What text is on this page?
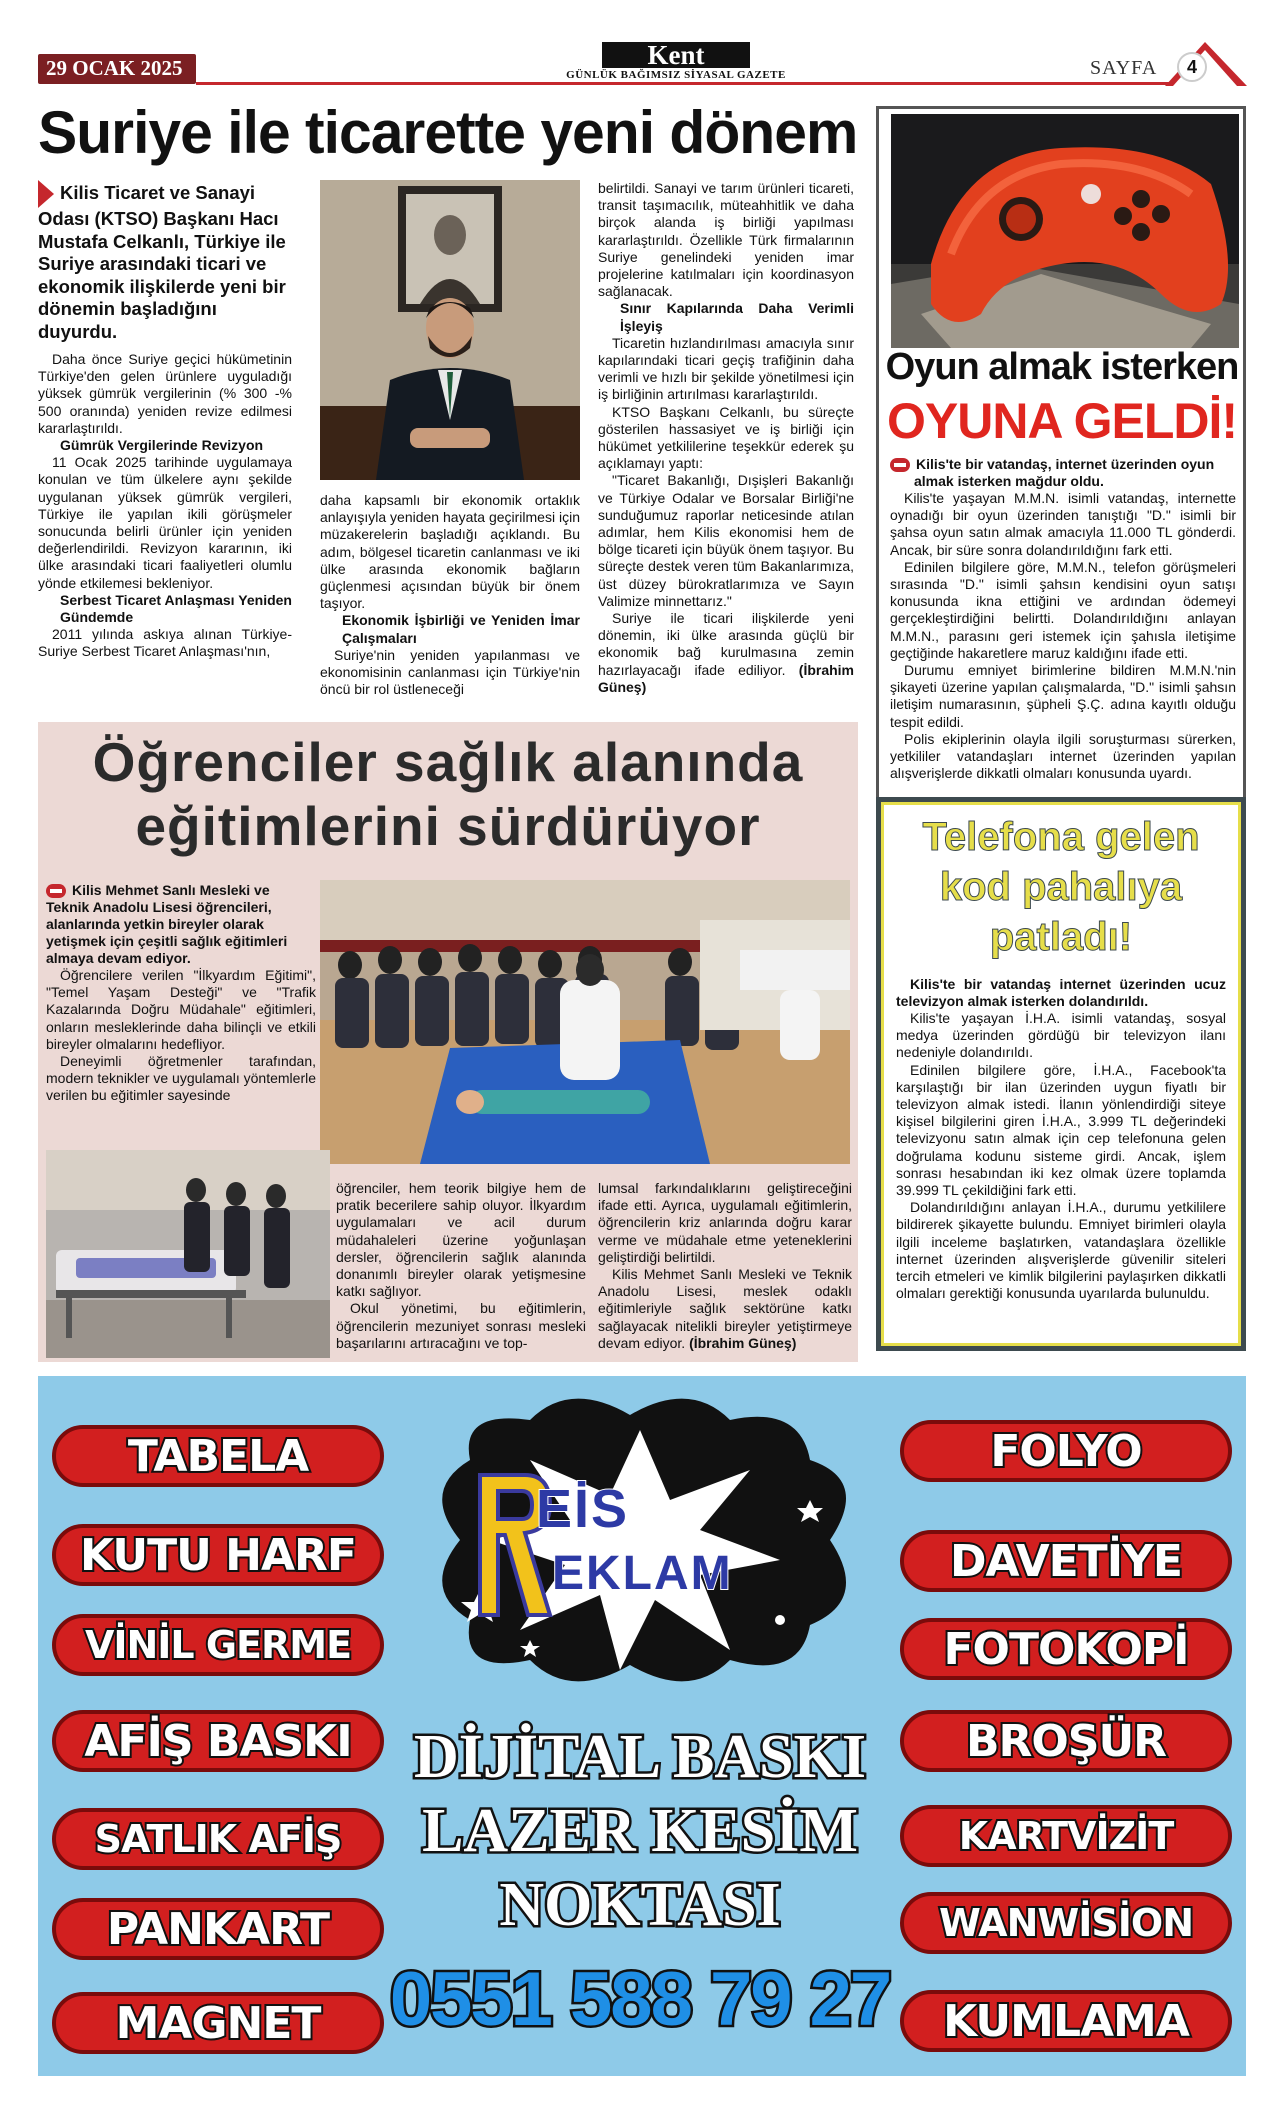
29 OCAK 2025	Kent
GÜNLÜK BAĞIMSIZ SİYASAL GAZETE	SAYFA	4
Suriye ile ticarette yeni dönem
Kilis Ticaret ve Sanayi Odası (KTSO) Başkanı Hacı Mustafa Celkanlı, Türkiye ile Suriye arasındaki ticari ve ekonomik ilişkilerde yeni bir dönemin başladığını duyurdu.

Daha önce Suriye geçici hükümetinin Türkiye'den gelen ürünlere uyguladığı yüksek gümrük vergilerinin (% 300 -% 500 oranında) yeniden revize edilmesi kararlaştırıldı.

Gümrük Vergilerinde Revizyon

11 Ocak 2025 tarihinde uygulamaya konulan ve tüm ülkelere aynı şekilde uygulanan yüksek gümrük vergileri, Türkiye ile yapılan ikili görüşmeler sonucunda belirli ürünler için yeniden değerlendirildi. Revizyon kararının, iki ülke arasındaki ticari faaliyetleri olumlu yönde etkilemesi bekleniyor.

Serbest Ticaret Anlaşması Yeniden Gündemde

2011 yılında askıya alınan Türkiye-Suriye Serbest Ticaret Anlaşması'nın,

daha kapsamlı bir ekonomik ortaklık anlayışıyla yeniden hayata geçirilmesi için müzakerelerin başladığı açıklandı. Bu adım, bölgesel ticaretin canlanması ve iki ülke arasında ekonomik bağların güçlenmesi açısından büyük bir önem taşıyor.

Ekonomik İşbirliği ve Yeniden İmar Çalışmaları

Suriye'nin yeniden yapılanması ve ekonomisinin canlanması için Türkiye'nin öncü bir rol üstleneceği

belirtildi. Sanayi ve tarım ürünleri ticareti, transit taşımacılık, müteahhitlik ve daha birçok alanda iş birliği yapılması kararlaştırıldı. Özellikle Türk firmalarının Suriye genelindeki yeniden imar projelerine katılmaları için koordinasyon sağlanacak.

Sınır Kapılarında Daha Verimli İşleyiş

Ticaretin hızlandırılması amacıyla sınır kapılarındaki ticari geçiş trafiğinin daha verimli ve hızlı bir şekilde yönetilmesi için iş birliğinin artırılması kararlaştırıldı.

KTSO Başkanı Celkanlı, bu süreçte gösterilen hassasiyet ve iş birliği için hükümet yetkililerine teşekkür ederek şu açıklamayı yaptı:

"Ticaret Bakanlığı, Dışişleri Bakanlığı ve Türkiye Odalar ve Borsalar Birliği'ne sunduğumuz raporlar neticesinde atılan adımlar, hem Kilis ekonomisi hem de bölge ticareti için büyük önem taşıyor. Bu süreçte destek veren tüm Bakanlarımıza, üst düzey bürokratlarımıza ve Sayın Valimize minnettarız."

Suriye ile ticari ilişkilerde yeni dönemin, iki ülke arasında güçlü bir ekonomik bağ kurulmasına zemin hazırlayacağı ifade ediliyor. (İbrahim Güneş)

Oyun almak isterken
OYUNA GELDİ!
Kilis'te bir vatandaş, internet üzerinden oyun almak isterken mağdur oldu.

Kilis'te yaşayan M.M.N. isimli vatandaş, internette oynadığı bir oyun üzerinden tanıştığı "D." isimli bir şahsa oyun satın almak amacıyla 11.000 TL gönderdi. Ancak, bir süre sonra dolandırıldığını fark etti.

Edinilen bilgilere göre, M.M.N., telefon görüşmeleri sırasında "D." isimli şahsın kendisini oyun satışı konusunda ikna ettiğini ve ardından ödemeyi gerçekleştirdiğini belirtti. Dolandırıldığını anlayan M.M.N., parasını geri istemek için şahısla iletişime geçtiğinde hakaretlere maruz kaldığını ifade etti.

Durumu emniyet birimlerine bildiren M.M.N.'nin şikayeti üzerine yapılan çalışmalarda, "D." isimli şahsın iletişim numarasının, şüpheli Ş.Ç. adına kayıtlı olduğu tespit edildi.

Polis ekiplerinin olayla ilgili soruşturması sürerken, yetkililer vatandaşları internet üzerinden yapılan alışverişlerde dikkatli olmaları konusunda uyardı.

Telefona gelen
kod pahalıya
patladı!
Kilis'te bir vatandaş internet üzerinden ucuz televizyon almak isterken dolandırıldı.

Kilis'te yaşayan İ.H.A. isimli vatandaş, sosyal medya üzerinden gördüğü bir televizyon ilanı nedeniyle dolandırıldı.

Edinilen bilgilere göre, İ.H.A., Facebook'ta karşılaştığı bir ilan üzerinden uygun fiyatlı bir televizyon almak istedi. İlanın yönlendirdiği siteye kişisel bilgilerini giren İ.H.A., 3.999 TL değerindeki televizyonu satın almak için cep telefonuna gelen doğrulama kodunu sisteme girdi. Ancak, işlem sonrası hesabından iki kez olmak üzere toplamda 39.999 TL çekildiğini fark etti.

Dolandırıldığını anlayan İ.H.A., durumu yetkililere bildirerek şikayette bulundu. Emniyet birimleri olayla ilgili inceleme başlatırken, vatandaşlara özellikle internet üzerinden alışverişlerde güvenilir siteleri tercih etmeleri ve kimlik bilgilerini paylaşırken dikkatli olmaları gerektiği konusunda uyarılarda bulunuldu.

Öğrenciler sağlık alanında
eğitimlerini sürdürüyor
Kilis Mehmet Sanlı Mesleki ve Teknik Anadolu Lisesi öğrencileri, alanlarında yetkin bireyler olarak yetişmek için çeşitli sağlık eğitimleri almaya devam ediyor.

Öğrencilere verilen "İlkyardım Eğitimi", "Temel Yaşam Desteği" ve "Trafik Kazalarında Doğru Müdahale" eğitimleri, onların mesleklerinde daha bilinçli ve etkili bireyler olmalarını hedefliyor.

Deneyimli öğretmenler tarafından, modern teknikler ve uygulamalı yöntemlerle verilen bu eğitimler sayesinde

öğrenciler, hem teorik bilgiye hem de pratik becerilere sahip oluyor. İlkyardım uygulamaları ve acil durum müdahaleleri üzerine yoğunlaşan dersler, öğrencilerin sağlık alanında donanımlı bireyler olarak yetişmesine katkı sağlıyor.

Okul yönetimi, bu eğitimlerin, öğrencilerin mezuniyet sonrası mesleki başarılarını artıracağını ve top-

lumsal farkındalıklarını geliştireceğini ifade etti. Ayrıca, uygulamalı eğitimlerin, öğrencilerin kriz anlarında doğru karar verme ve müdahale etme yeteneklerini geliştirdiği belirtildi.

Kilis Mehmet Sanlı Mesleki ve Teknik Anadolu Lisesi, meslek odaklı eğitimleriyle sağlık sektörüne katkı sağlayacak nitelikli bireyler yetiştirmeye devam ediyor. (İbrahim Güneş)

TABELA
KUTU HARF
VİNİL GERME
AFİŞ BASKI
SATLIK AFİŞ
PANKART
MAGNET
FOLYO
DAVETİYE
FOTOKOPİ
BROŞÜR
KARTVİZİT
WANWİSİON
KUMLAMA
EİS
EKLAM
DİJİTAL BASKI
LAZER KESİM
NOKTASI
0551 588 79 27
